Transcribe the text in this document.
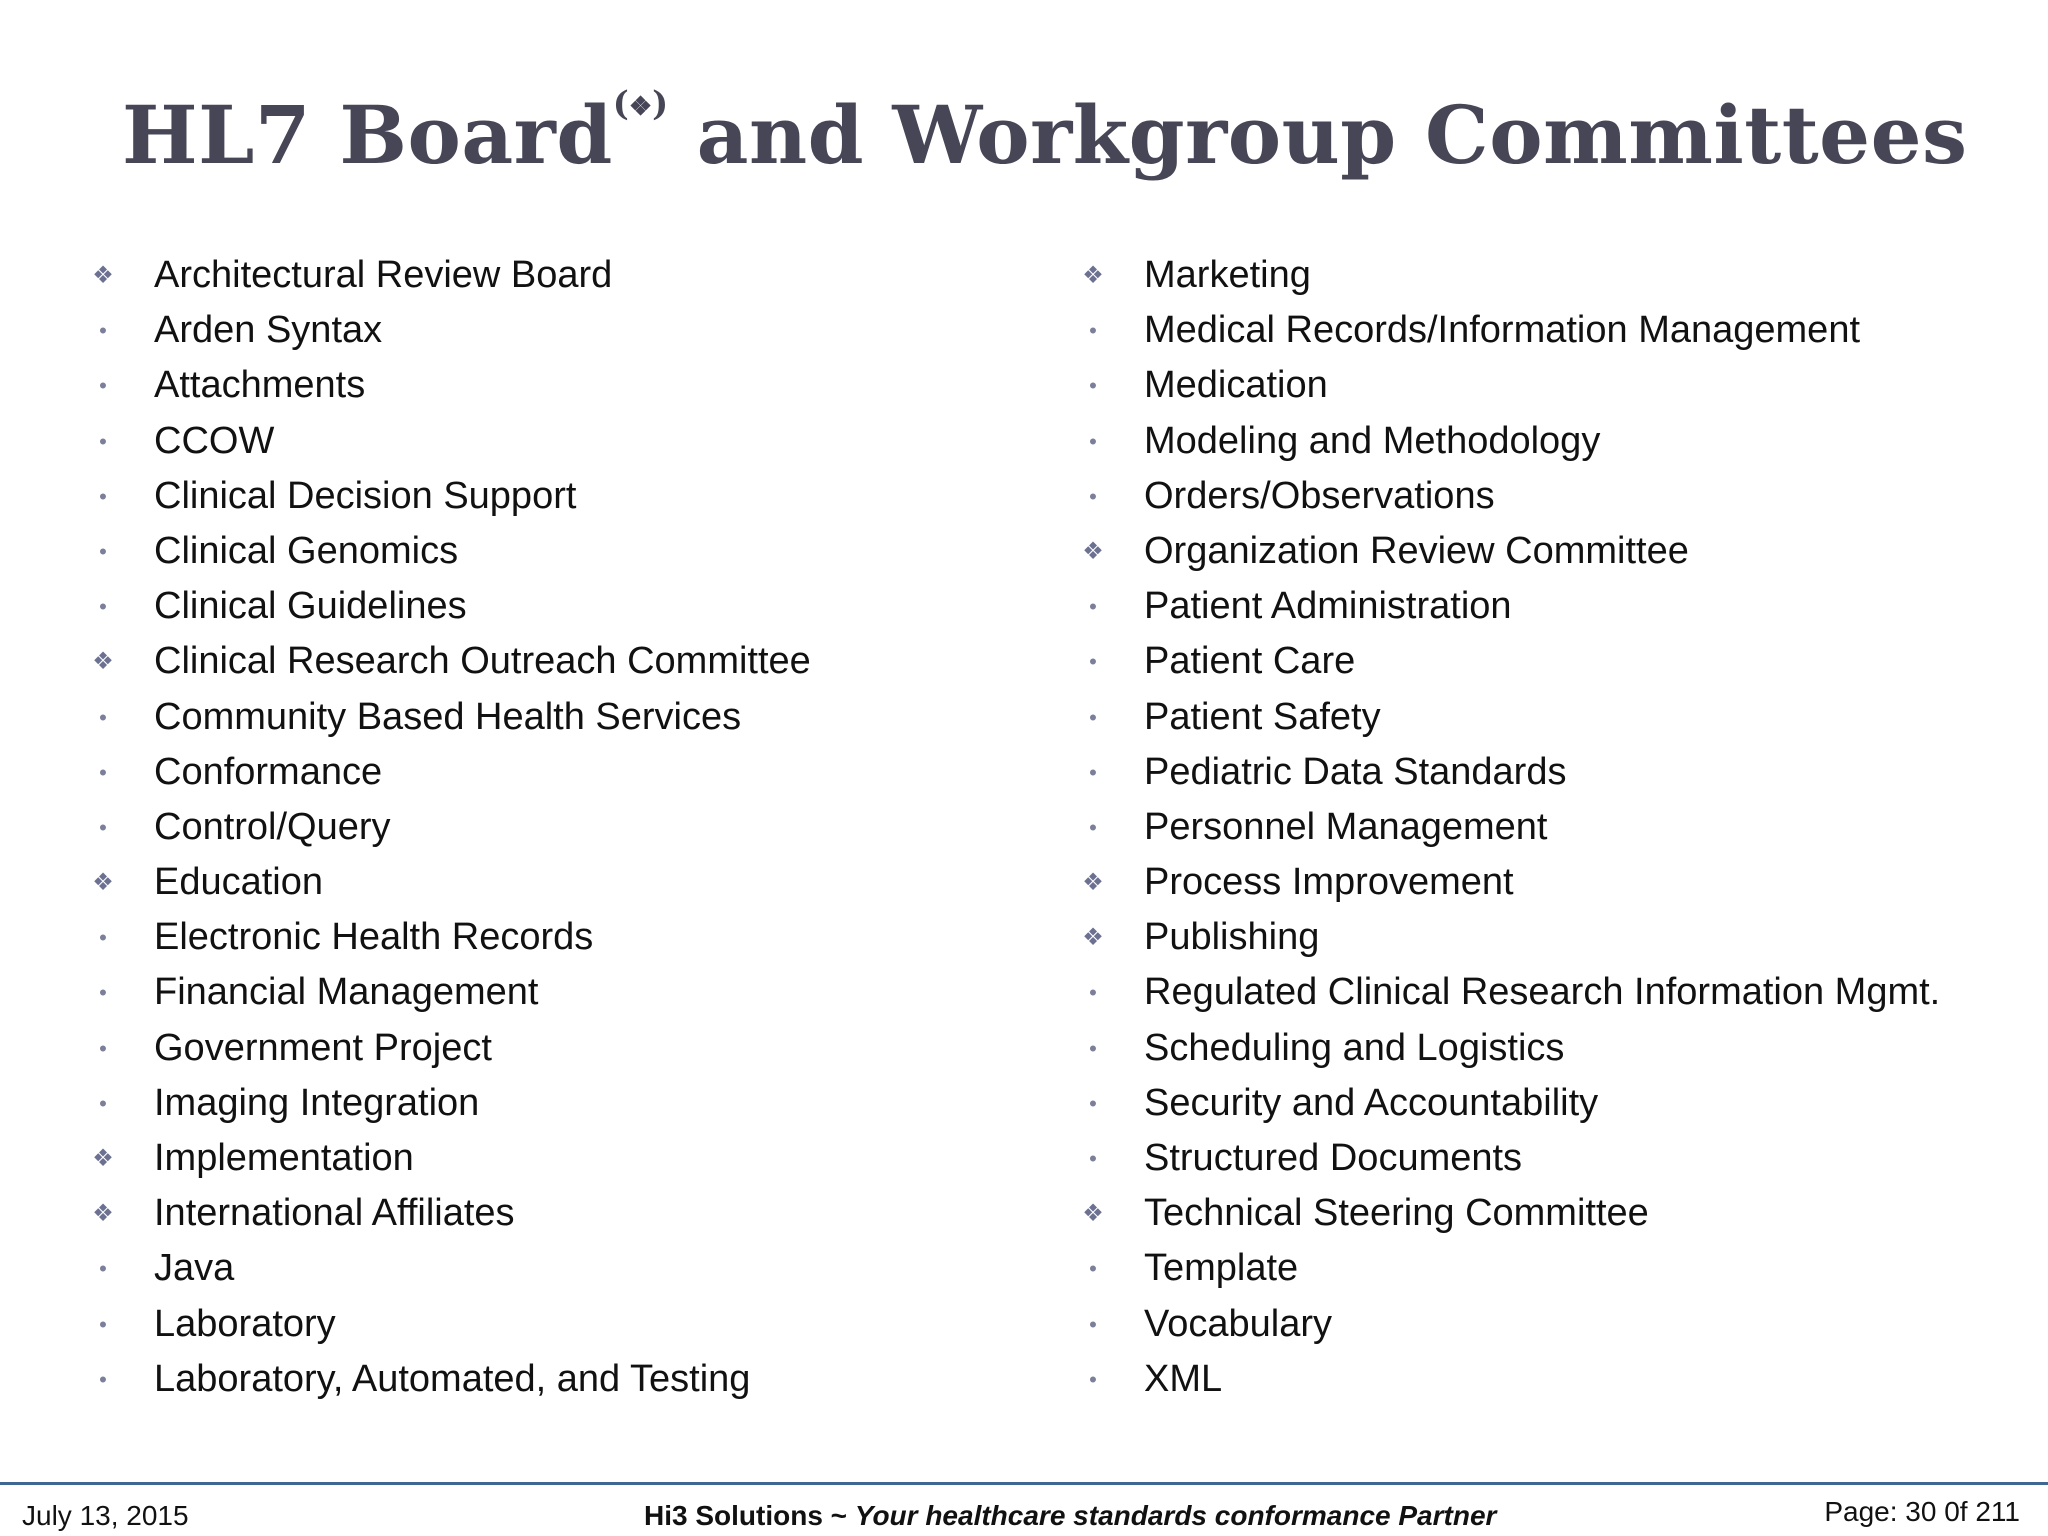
HL7 Board(❖) and Workgroup Committees
❖ Architectural Review Board
•	Arden Syntax
•	Attachments
•	CCOW
•	Clinical Decision Support
•	Clinical Genomics
•	Clinical Guidelines
❖ Clinical Research Outreach Committee
•	Community Based Health Services
•	Conformance
•	Control/Query
❖ Education
•	Electronic Health Records
•	Financial Management
•	Government Project
•	Imaging Integration
❖ Implementation
❖ International Affiliates
•	Java
•	Laboratory
•	Laboratory, Automated, and Testing
❖ Marketing
•	Medical Records/Information Management
•	Medication
•	Modeling and Methodology
•	Orders/Observations
❖ Organization Review Committee
•	Patient Administration
•	Patient Care
•	Patient Safety
•	Pediatric Data Standards
•	Personnel Management
❖ Process Improvement
❖ Publishing
•	Regulated Clinical Research Information Mgmt.
•	Scheduling and Logistics
•	Security and Accountability
•	Structured Documents
❖ Technical Steering Committee
•	Template
•	Vocabulary
•	XML
July 13, 2015	Hi3 Solutions ~ Your healthcare standards conformance Partner	Page: 30 0f 211
